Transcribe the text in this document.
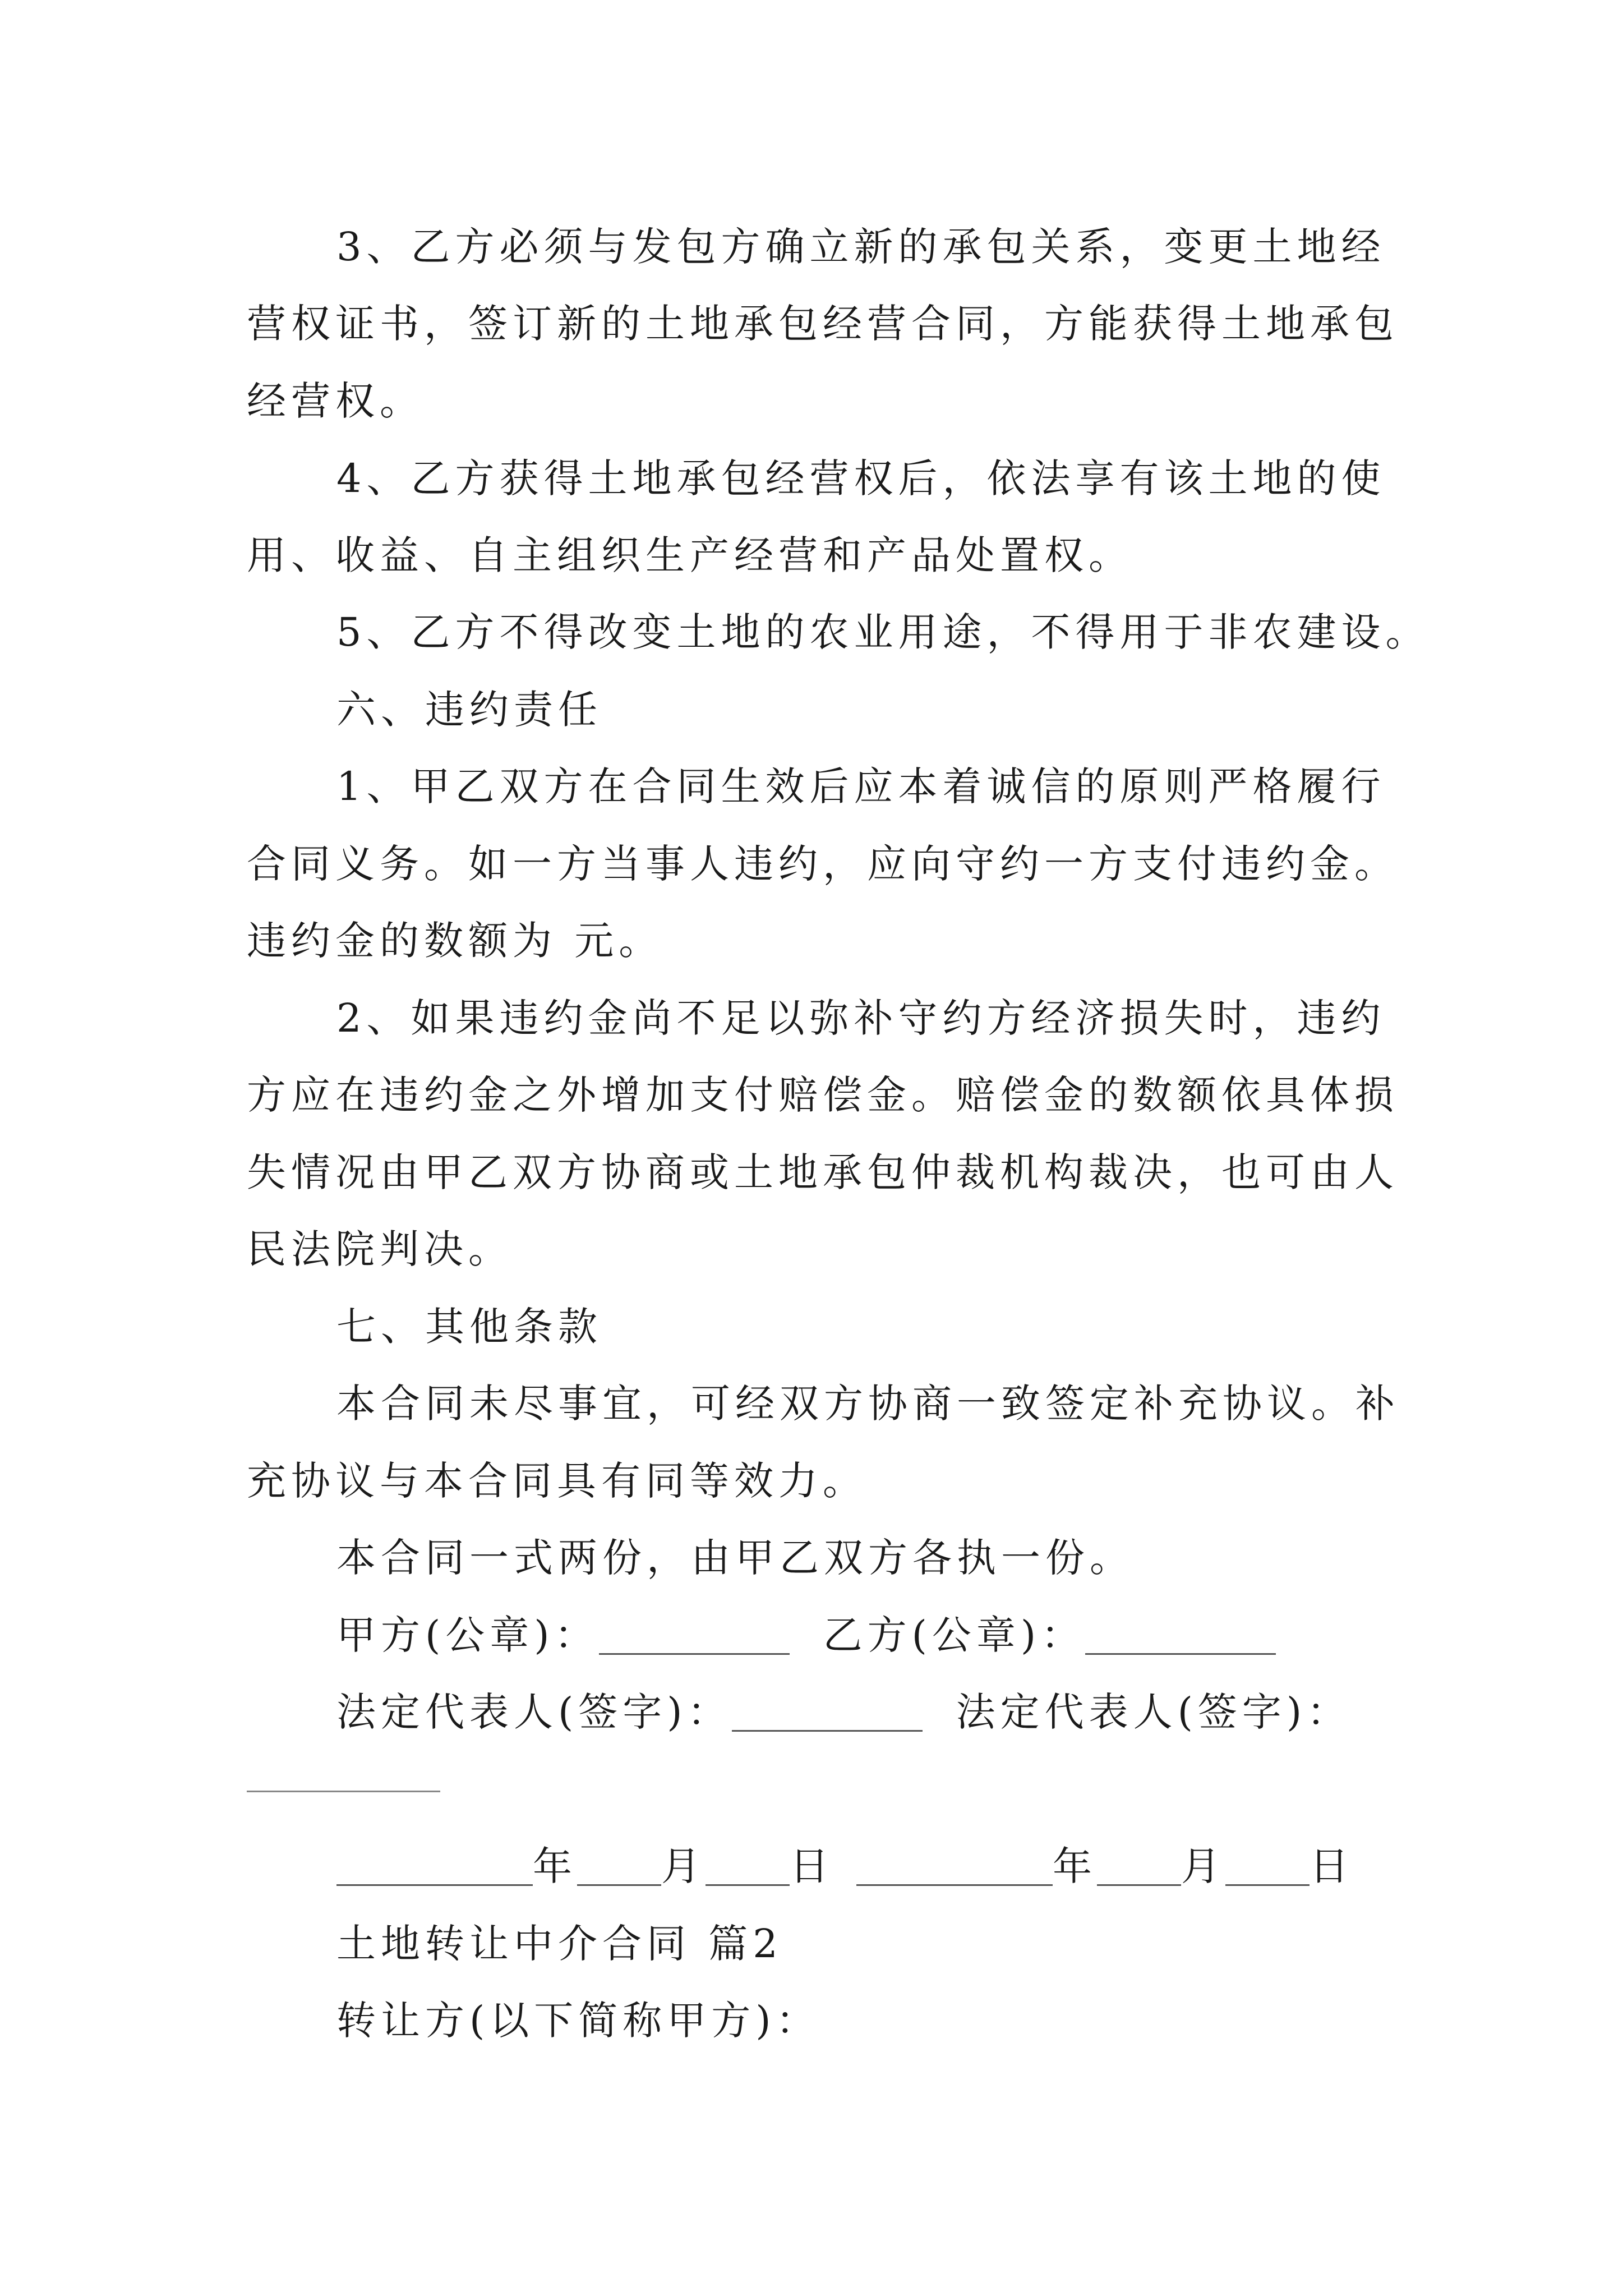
3、乙方必须与发包方确立新的承包关系，变更土地经
营权证书，签订新的土地承包经营合同，方能获得土地承包
经营权。
4、乙方获得土地承包经营权后，依法享有该土地的使
用、收益、自主组织生产经营和产品处置权。
5、乙方不得改变土地的农业用途，不得用于非农建设。
六、违约责任
1、甲乙双方在合同生效后应本着诚信的原则严格履行
合同义务。如一方当事人违约，应向守约一方支付违约金。
违约金的数额为 元。
2、如果违约金尚不足以弥补守约方经济损失时，违约
方应在违约金之外增加支付赔偿金。赔偿金的数额依具体损
失情况由甲乙双方协商或土地承包仲裁机构裁决，也可由人
民法院判决。
七、其他条款
本合同未尽事宜，可经双方协商一致签定补充协议。补
充协议与本合同具有同等效力。
本合同一式两份，由甲乙双方各执一份。
甲方(公章)：	乙方(公章)：
法定代表人(签字)：	法定代表人(签字)：
年 月 日	年 月 日
土地转让中介合同 篇2
转让方(以下简称甲方)：
